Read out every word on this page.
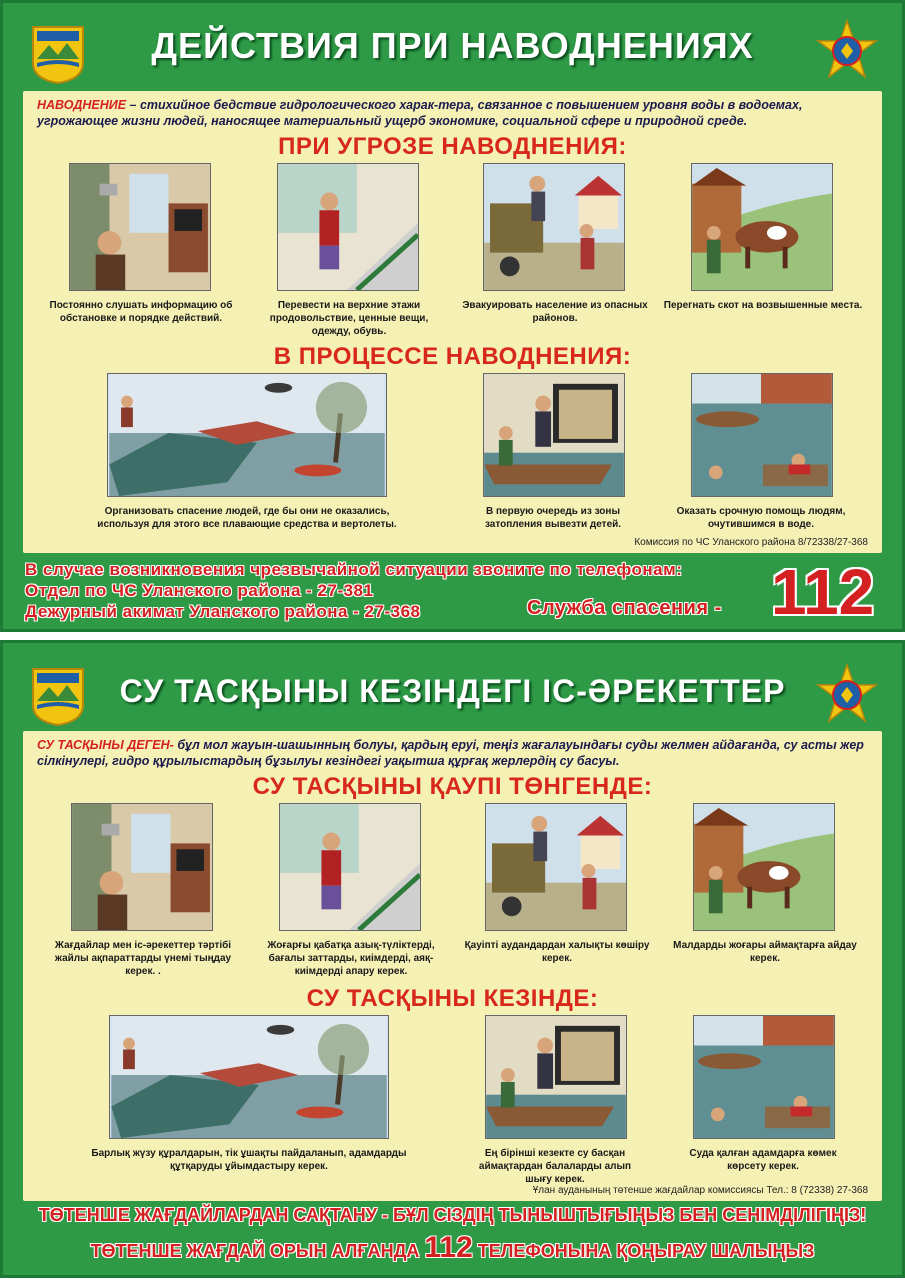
ДЕЙСТВИЯ ПРИ НАВОДНЕНИЯХ
НАВОДНЕНИЕ – стихийное бедствие гидрологического харак-тера, связанное с повышением уровня воды в водоемах, угрожающее жизни людей, наносящее материальный ущерб экономике, социальной сфере и природной среде.
ПРИ УГРОЗЕ НАВОДНЕНИЯ:
Постоянно слушать информацию об обстановке и порядке действий.
Перевести на верхние этажи продовольствие, ценные вещи, одежду, обувь.
Эвакуировать население из опасных районов.
Перегнать скот на возвышенные места.
В ПРОЦЕССЕ НАВОДНЕНИЯ:
Организовать спасение людей, где бы они не оказались, используя для этого все плавающие средства и вертолеты.
В первую очередь из зоны затопления вывезти детей.
Оказать срочную помощь людям, очутившимся в воде.
Комиссия по ЧС Уланского района 8/72338/27-368
В случае возникновения чрезвычайной ситуации звоните по телефонам:
Отдел по ЧС Уланского района - 27-381
Дежурный акимат Уланского района - 27-368	Служба спасения - 112
СУ ТАСҚЫНЫ КЕЗІНДЕГІ ІС-ӘРЕКЕТТЕР
СУ ТАСҚЫНЫ ДЕГЕН- бұл мол жауын-шашынның болуы, қардың еруі, теңіз жағалауындағы суды желмен айдағанда, су асты жер сілкінулері, гидро құрылыстардың бұзылуы кезіндегі уақытша құрғақ жерлердің су басуы.
СУ ТАСҚЫНЫ ҚАУПІ ТӨНГЕНДЕ:
Жағдайлар мен іс-әрекеттер тәртібі жайлы ақпараттарды үнемі тыңдау керек. .
Жоғарғы қабатқа азық-түліктерді, бағалы заттарды, киімдерді, аяқ-киімдерді апару керек.
Қауіпті аудандардан халықты көшіру керек.
Малдарды жоғары аймақтарға айдау керек.
СУ ТАСҚЫНЫ КЕЗІНДЕ:
Барлық жүзу құралдарын, тік ұшақты пайдаланып, адамдарды құтқаруды ұйымдастыру керек.
Ең бірінші кезекте су басқан аймақтардан балаларды алып шығу керек.
Суда қалған адамдарға көмек көрсету керек.
Ұлан ауданының төтенше жағдайлар комиссиясы Тел.: 8 (72338) 27-368
ТӨТЕНШЕ ЖАҒДАЙЛАРДАН САҚТАНУ - БҰЛ СІЗДІҢ ТЫНЫШТЫҒЫҢЫЗ БЕН СЕНІМДІЛІГІҢІЗ!
ТӨТЕНШЕ ЖАҒДАЙ ОРЫН АЛҒАНДА 112 ТЕЛЕФОНЫНА ҚОҢЫРАУ ШАЛЫҢЫЗ
